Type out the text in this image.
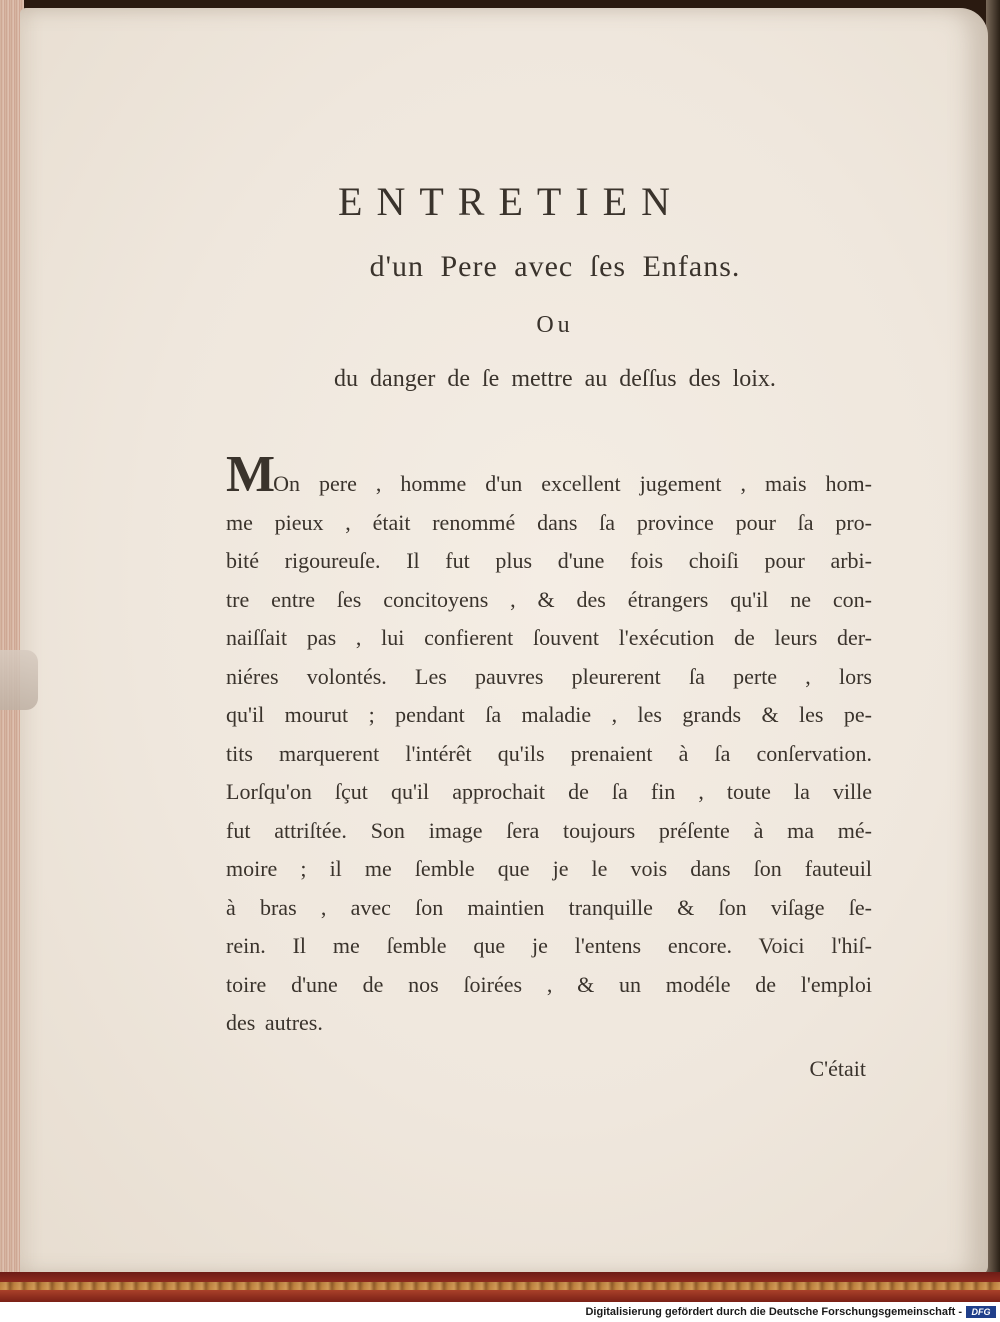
ENTRETIEN
d'un Pere avec ſes Enfans.
Ou
du danger de ſe mettre au deſſus des loix.
MOn pere , homme d'un excellent jugement , mais hom-
me pieux , était renommé dans ſa province pour ſa pro-
bité rigoureuſe. Il fut plus d'une fois choiſi pour arbi-
tre entre ſes concitoyens , & des étrangers qu'il ne con-
naiſſait pas , lui confierent ſouvent l'exécution de leurs der-
niéres volontés. Les pauvres pleurerent ſa perte , lors
qu'il mourut ; pendant ſa maladie , les grands & les pe-
tits marquerent l'intérêt qu'ils prenaient à ſa conſervation.
Lorſqu'on ſçut qu'il approchait de ſa fin , toute la ville
fut attriſtée. Son image ſera toujours préſente à ma mé-
moire ; il me ſemble que je le vois dans ſon fauteuil
à bras , avec ſon maintien tranquille & ſon viſage ſe-
rein. Il me ſemble que je l'entens encore. Voici l'hiſ-
toire d'une de nos ſoirées , & un modéle de l'emploi
des autres.
C'était
Digitalisierung gefördert durch die Deutsche Forschungsgemeinschaft -	DFG
